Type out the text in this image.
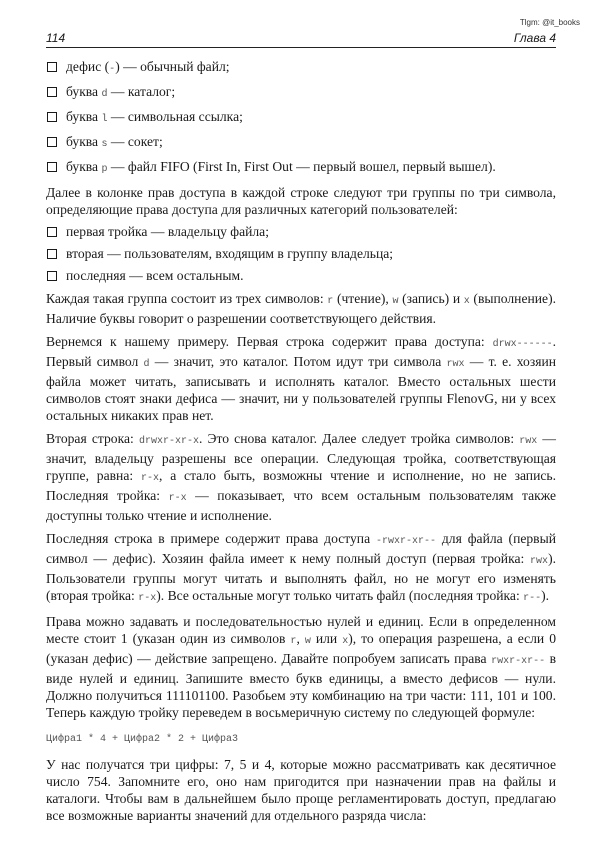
Tlgm: @it_books
114	Глава 4
дефис (-) — обычный файл;
буква d — каталог;
буква l — символьная ссылка;
буква s — сокет;
буква p — файл FIFO (First In, First Out — первый вошел, первый вышел).

Далее в колонке прав доступа в каждой строке следуют три группы по три символа, определяющие права доступа для различных категорий пользователей:

первая тройка — владельцу файла;
вторая — пользователям, входящим в группу владельца;
последняя — всем остальным.

Каждая такая группа состоит из трех символов: r (чтение), w (запись) и x (выполнение). Наличие буквы говорит о разрешении соответствующего действия.

Вернемся к нашему примеру. Первая строка содержит права доступа: drwx------. Первый символ d — значит, это каталог. Потом идут три символа rwx — т. е. хозяин файла может читать, записывать и исполнять каталог. Вместо остальных шести символов стоят знаки дефиса — значит, ни у пользователей группы FlenovG, ни у всех остальных никаких прав нет.

Вторая строка: drwxr-xr-x. Это снова каталог. Далее следует тройка символов: rwx — значит, владельцу разрешены все операции. Следующая тройка, соответствующая группе, равна: r-x, а стало быть, возможны чтение и исполнение, но не запись. Последняя тройка: r-x — показывает, что всем остальным пользователям также доступны только чтение и исполнение.

Последняя строка в примере содержит права доступа -rwxr-xr-- для файла (первый символ — дефис). Хозяин файла имеет к нему полный доступ (первая тройка: rwx). Пользователи группы могут читать и выполнять файл, но не могут его изменять (вторая тройка: r-x). Все остальные могут только читать файл (последняя тройка: r--).

Права можно задавать и последовательностью нулей и единиц. Если в определенном месте стоит 1 (указан один из символов r, w или x), то операция разрешена, а если 0 (указан дефис) — действие запрещено. Давайте попробуем записать права rwxr-xr-- в виде нулей и единиц. Запишите вместо букв единицы, а вместо дефисов — нули. Должно получиться 111101100. Разобьем эту комбинацию на три части: 111, 101 и 100. Теперь каждую тройку переведем в восьмеричную систему по следующей формуле:

Цифра1 * 4 + Цифра2 * 2 + Цифра3

У нас получатся три цифры: 7, 5 и 4, которые можно рассматривать как десятичное число 754. Запомните его, оно нам пригодится при назначении прав на файлы и каталоги. Чтобы вам в дальнейшем было проще регламентировать доступ, предлагаю все возможные варианты значений для отдельного разряда числа:
